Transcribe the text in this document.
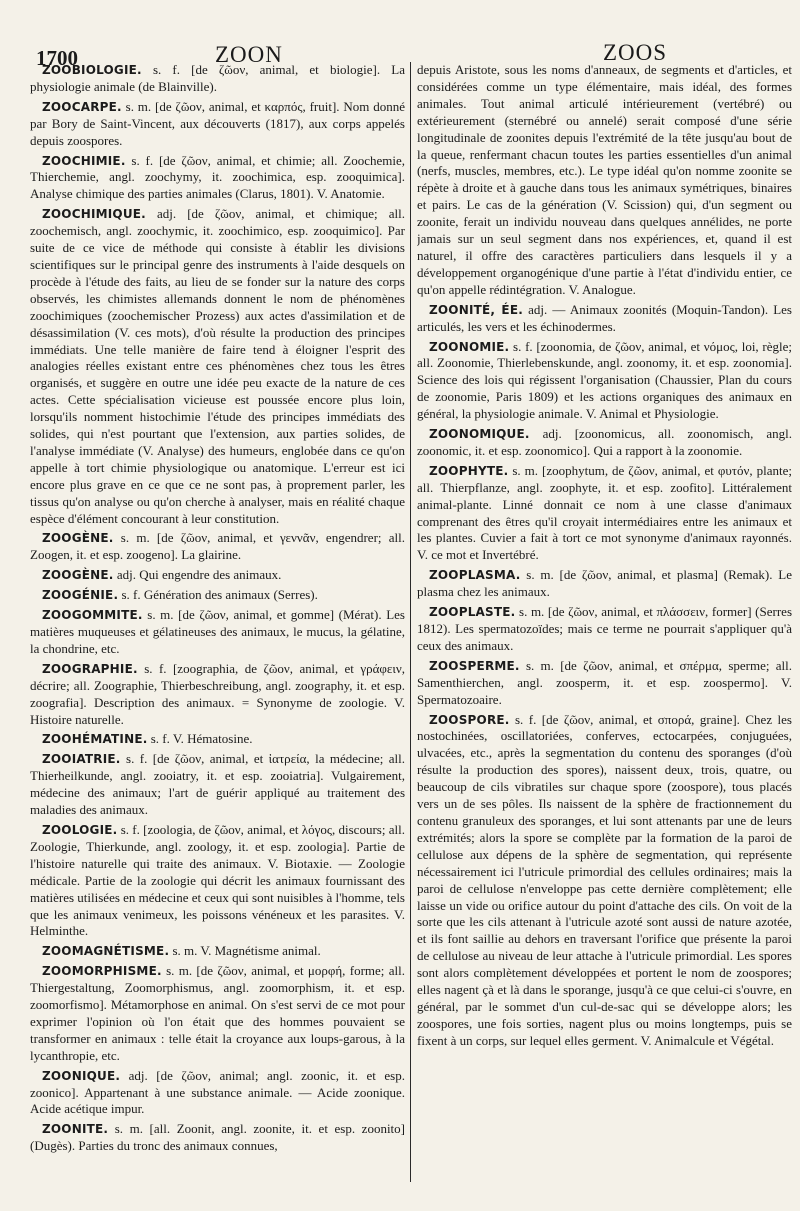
1700	ZOON	ZOOS

ZOOBIOLOGIE. s. f. [de ζῶον, animal, et biologie]. La physiologie animale (de Blainville).

ZOOCARPE. s. m. [de ζῶον, animal, et καρπός, fruit]. Nom donné par Bory de Saint-Vincent, aux découverts (1817), aux corps appelés depuis zoospores.

ZOOCHIMIE. s. f. [de ζῶον, animal, et chimie; all. Zoochemie, Thierchemie, angl. zoochymy, it. zoochimica, esp. zooquimica]. Analyse chimique des parties animales (Clarus, 1801). V. Anatomie.

ZOOCHIMIQUE. adj. [de ζῶον, animal, et chimique; all. zoochemisch, angl. zoochymic, it. zoochimico, esp. zooquimico]. Par suite de ce vice de méthode qui consiste à établir les divisions scientifiques sur le principal genre des instruments à l'aide desquels on procède à l'étude des faits, au lieu de se fonder sur la nature des corps observés, les chimistes allemands donnent le nom de phénomènes zoochimiques (zoochemischer Prozess) aux actes d'assimilation et de désassimilation (V. ces mots), d'où résulte la production des principes immédiats. Une telle manière de faire tend à éloigner l'esprit des analogies réelles existant entre ces phénomènes chez tous les êtres organisés, et suggère en outre une idée peu exacte de la nature de ces actes. Cette spécialisation vicieuse est poussée encore plus loin, lorsqu'ils nomment histochimie l'étude des principes immédiats des solides, qui n'est pourtant que l'extension, aux parties solides, de l'analyse immédiate (V. Analyse) des humeurs, englobée dans ce qu'on appelle à tort chimie physiologique ou anatomique. L'erreur est ici encore plus grave en ce que ce ne sont pas, à proprement parler, les tissus qu'on analyse ou qu'on cherche à analyser, mais en réalité chaque espèce d'élément concourant à leur constitution.

ZOOGÈNE. s. m. [de ζῶον, animal, et γεννᾶν, engendrer; all. Zoogen, it. et esp. zoogeno]. La glairine.

ZOOGÈNE. adj. Qui engendre des animaux.

ZOOGÉNIE. s. f. Génération des animaux (Serres).

ZOOGOMMITE. s. m. [de ζῶον, animal, et gomme] (Mérat). Les matières muqueuses et gélatineuses des animaux, le mucus, la gélatine, la chondrine, etc.

ZOOGRAPHIE. s. f. [zoographia, de ζῶον, animal, et γράφειν, décrire; all. Zoographie, Thierbeschreibung, angl. zoography, it. et esp. zoografia]. Description des animaux. = Synonyme de zoologie. V. Histoire naturelle.

ZOOHÉMATINE. s. f. V. Hématosine.

ZOOIATRIE. s. f. [de ζῶον, animal, et ἰατρεία, la médecine; all. Thierheilkunde, angl. zooiatry, it. et esp. zooiatria]. Vulgairement, médecine des animaux; l'art de guérir appliqué au traitement des maladies des animaux.

ZOOLOGIE. s. f. [zoologia, de ζῶον, animal, et λόγος, discours; all. Zoologie, Thierkunde, angl. zoology, it. et esp. zoologia]. Partie de l'histoire naturelle qui traite des animaux. V. Biotaxie. — Zoologie médicale. Partie de la zoologie qui décrit les animaux fournissant des matières utilisées en médecine et ceux qui sont nuisibles à l'homme, tels que les animaux venimeux, les poissons vénéneux et les parasites. V. Helminthe.

ZOOMAGNÉTISME. s. m. V. Magnétisme animal.

ZOOMORPHISME. s. m. [de ζῶον, animal, et μορφή, forme; all. Thiergestaltung, Zoomorphismus, angl. zoomorphism, it. et esp. zoomorfismo]. Métamorphose en animal. On s'est servi de ce mot pour exprimer l'opinion où l'on était que des hommes pouvaient se transformer en animaux : telle était la croyance aux loups-garous, à la lycanthropie, etc.

ZOONIQUE. adj. [de ζῶον, animal; angl. zoonic, it. et esp. zoonico]. Appartenant à une substance animale. — Acide zoonique. Acide acétique impur.

ZOONITE. s. m. [all. Zoonit, angl. zoonite, it. et esp. zoonito] (Dugès). Parties du tronc des animaux connues,

depuis Aristote, sous les noms d'anneaux, de segments et d'articles, et considérées comme un type élémentaire, mais idéal, des formes animales. Tout animal articulé intérieurement (vertébré) ou extérieurement (sternébré ou annelé) serait composé d'une série longitudinale de zoonites depuis l'extrémité de la tête jusqu'au bout de la queue, renfermant chacun toutes les parties essentielles d'un animal (nerfs, muscles, membres, etc.). Le type idéal qu'on nomme zoonite se répète à droite et à gauche dans tous les animaux symétriques, binaires et pairs. Le cas de la génération (V. Scission) qui, d'un segment ou zoonite, ferait un individu nouveau dans quelques annélides, ne porte jamais sur un seul segment dans nos expériences, et, quand il est naturel, il offre des caractères particuliers dans lesquels il y a développement organogénique d'une partie à l'état d'individu entier, ce qu'on appelle rédintégration. V. Analogue.

ZOONITÉ, ÉE. adj. — Animaux zoonités (Moquin-Tandon). Les articulés, les vers et les échinodermes.

ZOONOMIE. s. f. [zoonomia, de ζῶον, animal, et νόμος, loi, règle; all. Zoonomie, Thierlebenskunde, angl. zoonomy, it. et esp. zoonomia]. Science des lois qui régissent l'organisation (Chaussier, Plan du cours de zoonomie, Paris 1809) et les actions organiques des animaux en général, la physiologie animale. V. Animal et Physiologie.

ZOONOMIQUE. adj. [zoonomicus, all. zoonomisch, angl. zoonomic, it. et esp. zoonomico]. Qui a rapport à la zoonomie.

ZOOPHYTE. s. m. [zoophytum, de ζῶον, animal, et φυτόν, plante; all. Thierpflanze, angl. zoophyte, it. et esp. zoofito]. Littéralement animal-plante. Linné donnait ce nom à une classe d'animaux comprenant des êtres qu'il croyait intermédiaires entre les animaux et les plantes. Cuvier a fait à tort ce mot synonyme d'animaux rayonnés. V. ce mot et Invertébré.

ZOOPLASMA. s. m. [de ζῶον, animal, et plasma] (Remak). Le plasma chez les animaux.

ZOOPLASTE. s. m. [de ζῶον, animal, et πλάσσειν, former] (Serres 1812). Les spermatozoïdes; mais ce terme ne pourrait s'appliquer qu'à ceux des animaux.

ZOOSPERME. s. m. [de ζῶον, animal, et σπέρμα, sperme; all. Samenthierchen, angl. zoosperm, it. et esp. zoospermo]. V. Spermatozoaire.

ZOOSPORE. s. f. [de ζῶον, animal, et σπορά, graine]. Chez les nostochinées, oscillatoriées, conferves, ectocarpées, conjuguées, ulvacées, etc., après la segmentation du contenu des sporanges (d'où résulte la production des spores), naissent deux, trois, quatre, ou beaucoup de cils vibratiles sur chaque spore (zoospore), tous placés vers un de ses pôles. Ils naissent de la sphère de fractionnement du contenu granuleux des sporanges, et lui sont attenants par une de leurs extrémités; alors la spore se complète par la formation de la paroi de cellulose aux dépens de la sphère de segmentation, qui représente nécessairement ici l'utricule primordial des cellules ordinaires; mais la paroi de cellulose n'enveloppe pas cette dernière complètement; elle laisse un vide ou orifice autour du point d'attache des cils. On voit de la sorte que les cils attenant à l'utricule azoté sont aussi de nature azotée, et ils font saillie au dehors en traversant l'orifice que présente la paroi de cellulose au niveau de leur attache à l'utricule primordial. Les spores sont alors complètement développées et portent le nom de zoospores; elles nagent çà et là dans le sporange, jusqu'à ce que celui-ci s'ouvre, en général, par le sommet d'un cul-de-sac qui se développe alors; les zoospores, une fois sorties, nagent plus ou moins longtemps, puis se fixent à un corps, sur lequel elles germent. V. Animalcule et Végétal.
